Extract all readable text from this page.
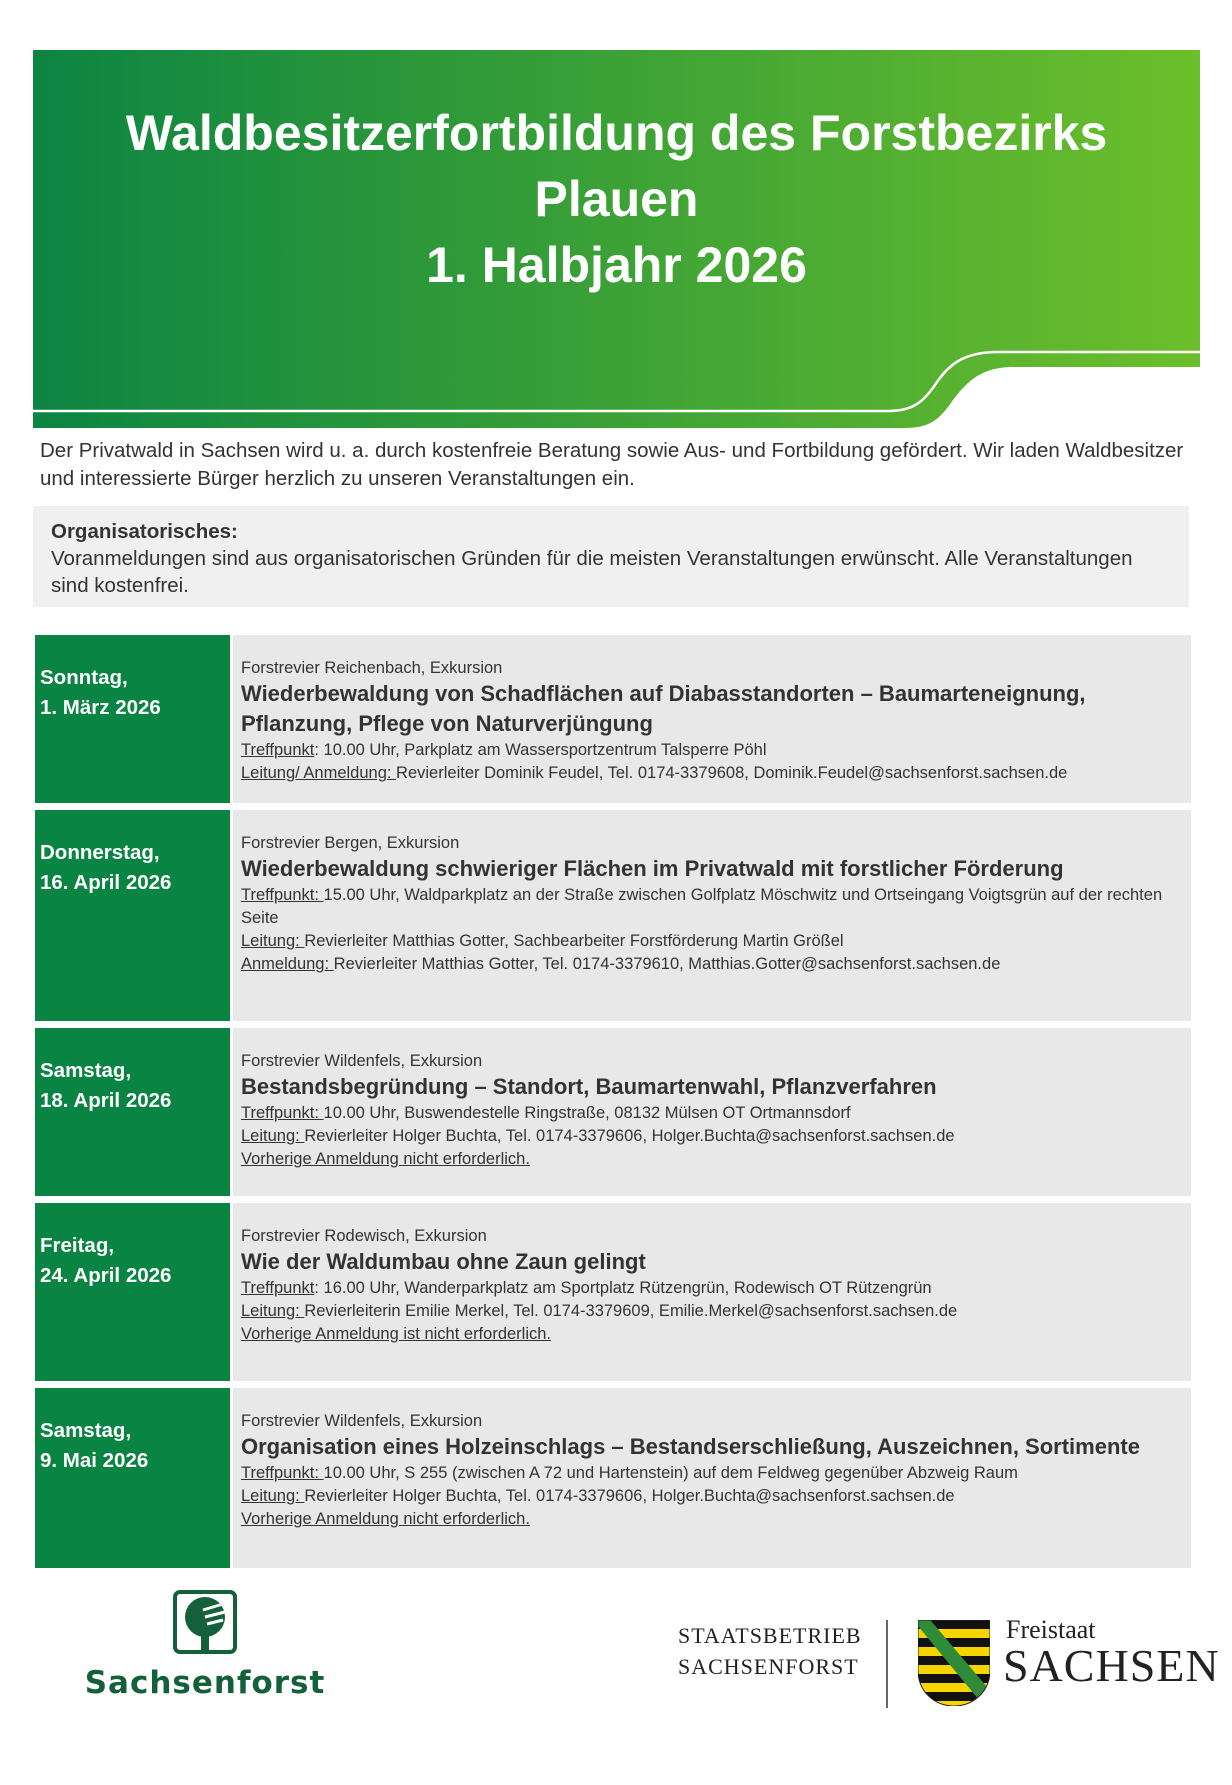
Waldbesitzerfortbildung des Forstbezirks
Plauen
1. Halbjahr 2026
Der Privatwald in Sachsen wird u. a. durch kostenfreie Beratung sowie Aus- und Fortbildung gefördert. Wir laden Waldbesitzer und interessierte Bürger herzlich zu unseren Veranstaltungen ein.
Organisatorisches:
Voranmeldungen sind aus organisatorischen Gründen für die meisten Veranstaltungen erwünscht. Alle Veranstaltungen sind kostenfrei.
Sonntag,
1. März 2026
Forstrevier Reichenbach, Exkursion
Wiederbewaldung von Schadflächen auf Diabasstandorten – Baumarteneignung, Pflanzung, Pflege von Naturverjüngung
Treffpunkt: 10.00 Uhr, Parkplatz am Wassersportzentrum Talsperre Pöhl
Leitung/ Anmeldung: Revierleiter Dominik Feudel, Tel. 0174-3379608, Dominik.Feudel@sachsenforst.sachsen.de
Donnerstag,
16. April 2026
Forstrevier Bergen, Exkursion
Wiederbewaldung schwieriger Flächen im Privatwald mit forstlicher Förderung
Treffpunkt: 15.00 Uhr, Waldparkplatz an der Straße zwischen Golfplatz Möschwitz und Ortseingang Voigtsgrün auf der rechten Seite
Leitung: Revierleiter Matthias Gotter, Sachbearbeiter Forstförderung Martin Größel
Anmeldung: Revierleiter Matthias Gotter, Tel. 0174-3379610, Matthias.Gotter@sachsenforst.sachsen.de
Samstag,
18. April 2026
Forstrevier Wildenfels, Exkursion
Bestandsbegründung – Standort, Baumartenwahl, Pflanzverfahren
Treffpunkt: 10.00 Uhr, Buswendestelle Ringstraße, 08132 Mülsen OT Ortmannsdorf
Leitung: Revierleiter Holger Buchta, Tel. 0174-3379606, Holger.Buchta@sachsenforst.sachsen.de
Vorherige Anmeldung nicht erforderlich.
Freitag,
24. April 2026
Forstrevier Rodewisch, Exkursion
Wie der Waldumbau ohne Zaun gelingt
Treffpunkt: 16.00 Uhr, Wanderparkplatz am Sportplatz Rützengrün, Rodewisch OT Rützengrün
Leitung: Revierleiterin Emilie Merkel, Tel. 0174-3379609, Emilie.Merkel@sachsenforst.sachsen.de
Vorherige Anmeldung ist nicht erforderlich.
Samstag,
9. Mai 2026
Forstrevier Wildenfels, Exkursion
Organisation eines Holzeinschlags – Bestandserschließung, Auszeichnen, Sortimente
Treffpunkt: 10.00 Uhr, S 255 (zwischen A 72 und Hartenstein) auf dem Feldweg gegenüber Abzweig Raum
Leitung: Revierleiter Holger Buchta, Tel. 0174-3379606, Holger.Buchta@sachsenforst.sachsen.de
Vorherige Anmeldung nicht erforderlich.
Sachsenforst
STAATSBETRIEB
SACHSENFORST
Freistaat
SACHSEN
